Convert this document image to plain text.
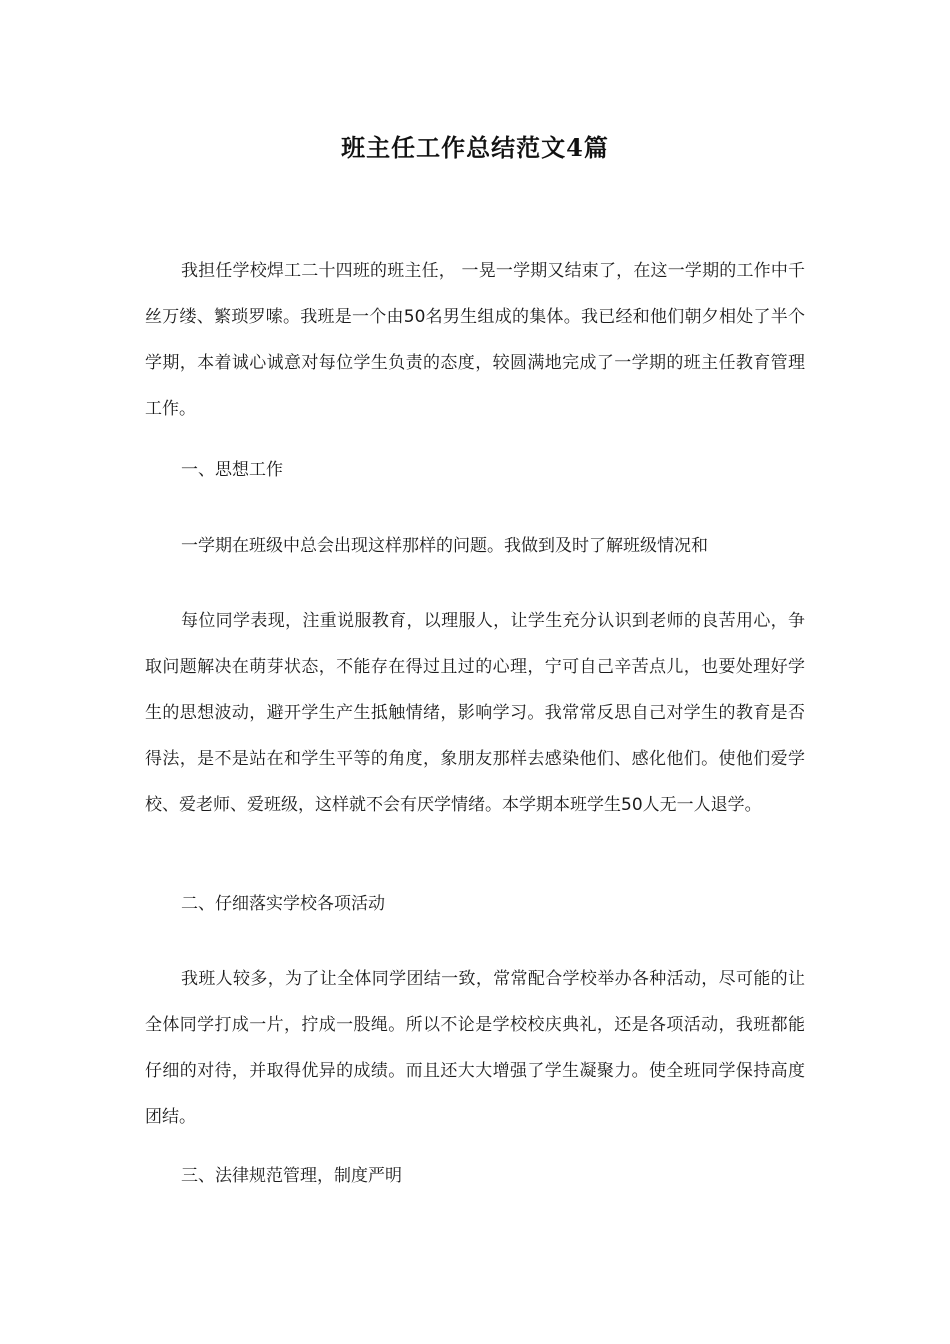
班主任工作总结范文4篇

我担任学校焊工二十四班的班主任， 一晃一学期又结束了，在这一学期的工作中千丝万缕、繁琐罗嗦。我班是一个由50名男生组成的集体。我已经和他们朝夕相处了半个学期，本着诚心诚意对每位学生负责的态度，较圆满地完成了一学期的班主任教育管理工作。

一、思想工作

一学期在班级中总会出现这样那样的问题。我做到及时了解班级情况和

每位同学表现，注重说服教育，以理服人，让学生充分认识到老师的良苦用心，争取问题解决在萌芽状态，不能存在得过且过的心理，宁可自己辛苦点儿，也要处理好学生的思想波动，避开学生产生抵触情绪，影响学习。我常常反思自己对学生的教育是否得法，是不是站在和学生平等的角度，象朋友那样去感染他们、感化他们。使他们爱学校、爱老师、爱班级，这样就不会有厌学情绪。本学期本班学生50人无一人退学。

二、仔细落实学校各项活动

我班人较多，为了让全体同学团结一致，常常配合学校举办各种活动，尽可能的让全体同学打成一片，拧成一股绳。所以不论是学校校庆典礼，还是各项活动，我班都能仔细的对待，并取得优异的成绩。而且还大大增强了学生凝聚力。使全班同学保持高度团结。

三、法律规范管理，制度严明
